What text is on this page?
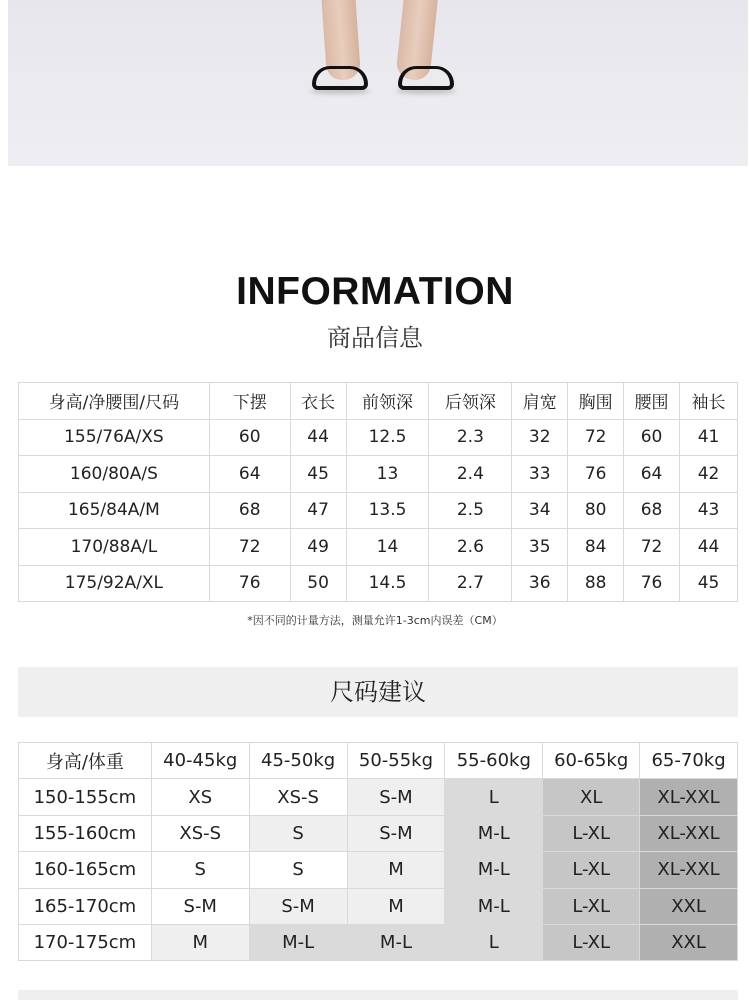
INFORMATION
商品信息
身高/净腰围/尺码	下摆	衣长	前领深	后领深	肩宽	胸围	腰围	袖长
155/76A/XS	60	44	12.5	2.3	32	72	60	41
160/80A/S	64	45	13	2.4	33	76	64	42
165/84A/M	68	47	13.5	2.5	34	80	68	43
170/88A/L	72	49	14	2.6	35	84	72	44
175/92A/XL	76	50	14.5	2.7	36	88	76	45
*因不同的计量方法，测量允许1-3cm内误差（CM）
尺码建议
身高/体重	40-45kg	45-50kg	50-55kg	55-60kg	60-65kg	65-70kg
150-155cm	XS	XS-S	S-M	L	XL	XL-XXL
155-160cm	XS-S	S	S-M	M-L	L-XL	XL-XXL
160-165cm	S	S	M	M-L	L-XL	XL-XXL
165-170cm	S-M	S-M	M	M-L	L-XL	XXL
170-175cm	M	M-L	M-L	L	L-XL	XXL
